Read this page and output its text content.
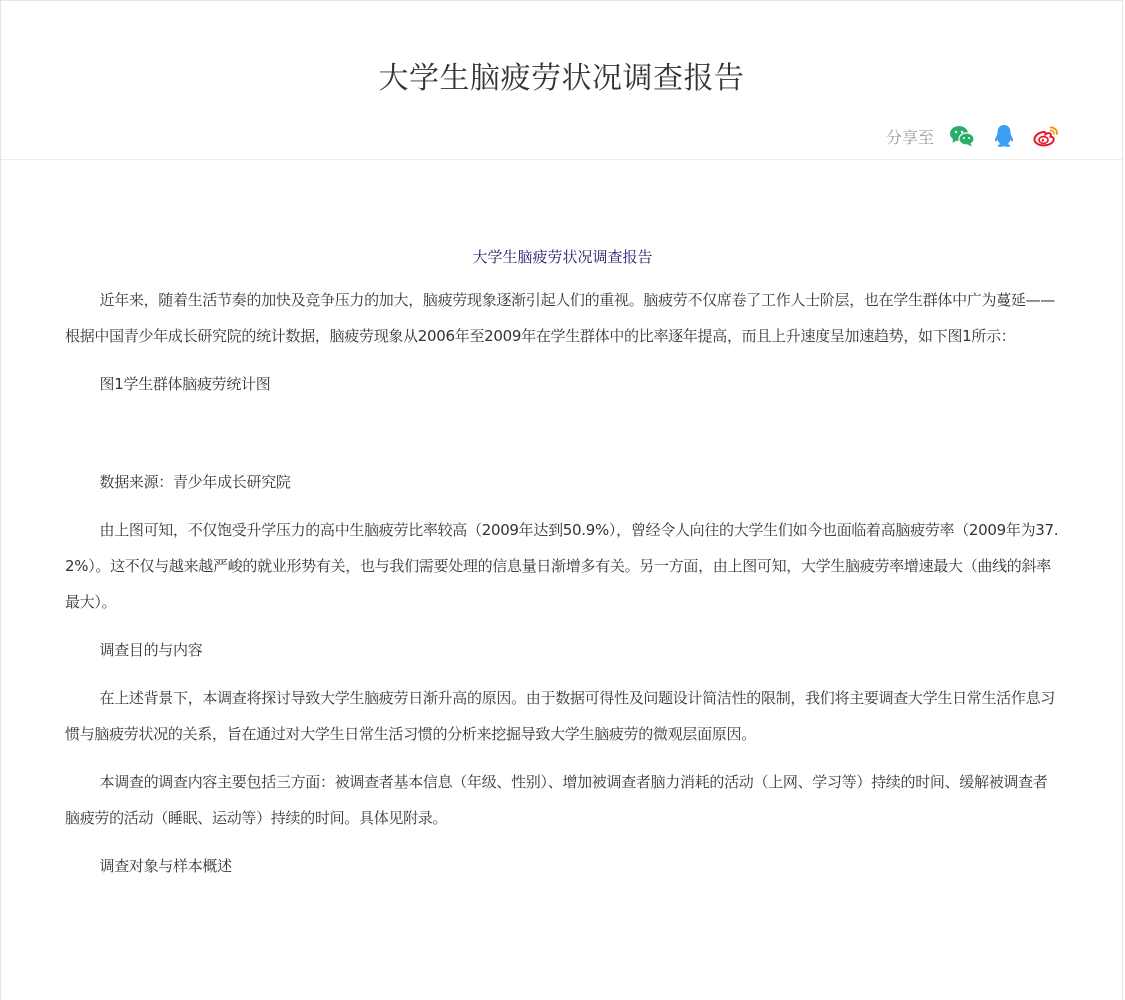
大学生脑疲劳状况调查报告
分享至

大学生脑疲劳状况调查报告

近年来，随着生活节奏的加快及竞争压力的加大，脑疲劳现象逐渐引起人们的重视。脑疲劳不仅席卷了工作人士阶层，也在学生群体中广为蔓延——根据中国青少年成长研究院的统计数据，脑疲劳现象从2006年至2009年在学生群体中的比率逐年提高，而且上升速度呈加速趋势，如下图1所示：

图1学生群体脑疲劳统计图

数据来源：青少年成长研究院

由上图可知，不仅饱受升学压力的高中生脑疲劳比率较高（2009年达到50.9%），曾经令人向往的大学生们如今也面临着高脑疲劳率（2009年为37.2%）。这不仅与越来越严峻的就业形势有关，也与我们需要处理的信息量日渐增多有关。另一方面，由上图可知，大学生脑疲劳率增速最大（曲线的斜率最大）。

调查目的与内容

在上述背景下，本调查将探讨导致大学生脑疲劳日渐升高的原因。由于数据可得性及问题设计简洁性的限制，我们将主要调查大学生日常生活作息习惯与脑疲劳状况的关系，旨在通过对大学生日常生活习惯的分析来挖掘导致大学生脑疲劳的微观层面原因。

本调查的调查内容主要包括三方面：被调查者基本信息（年级、性别）、增加被调查者脑力消耗的活动（上网、学习等）持续的时间、缓解被调查者脑疲劳的活动（睡眠、运动等）持续的时间。具体见附录。

调查对象与样本概述
